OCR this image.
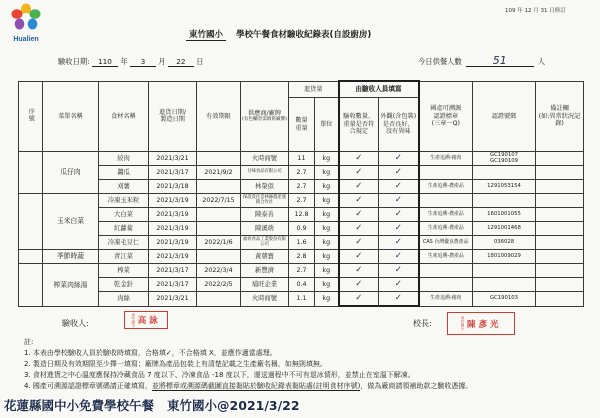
Hualien
109 年 12 月 31 日修訂
東竹國小 學校午餐食材驗收紀錄表(自設廚房)
驗收日期: 110 年 3 月 22 日	今日供餐人數	51	人
序號	菜單名稱	食材名稱	進貨日期/
製造日期	有效期限	供應商/廠牌
(有色欄者需填寫廠牌)	進貨量		由驗收人員填寫		國產可溯源
認證標章
(三章一Q)	認證號碼	備註欄
(如:異常狀況記錄)

						數量
重量	單位	驗收數量、重量是否符合規定	外觀(含包裝)是否良好、沒有異味			
	瓜仔肉	絞肉	2021/3/21		火時商號	11	kg	✓	✓	生產追溯-豬肉	GC190107
GC190109	

		醬瓜	2021/3/17	2021/9/2	甘味食品有限公司	2.7	kg	✓	✓			
		刈薯	2021/3/18		林榮似	2.7	kg	✓	✓	生產追溯-農產品	1291053154	

	玉米白菜	冷凍玉米粒	2021/3/19	2022/7/15	保證責任雲林縣農產運銷合作社	2.7	kg	✓	✓			
		大白菜	2021/3/19		陳泰善	12.8	kg	✓	✓	生產追溯-農產品	1601001055	

		紅蘿蔔	2021/3/19		陳溪萌	0.9	kg	✓	✓	生產追溯-農產品	1291001468	

		冷凍毛豆仁	2021/3/19	2022/1/6	福祥食品工業股份有限公司	1.6	kg	✓	✓	CAS 台灣優良農產品	036028	

	季節時蔬	青江菜	2021/3/19		黃朝寶	2.8	kg	✓	✓	生產追溯-農產品	1801009029	

	榨菜肉絲湯	榨菜	2021/3/17	2022/3/4	新豐濟	2.7	kg	✓	✓			
		乾金針	2021/3/17	2022/2/5	埔旺企業	0.4	kg	✓	✓			
		肉絲	2021/3/21		火時商號	1.1	kg	✓	✓	生產追溯-豬肉	GC190103	

驗收人:	東竹國小 高詠	校長:	東竹國小 陳彥光
註:
1. 本表由學校驗收人員於驗收時填寫，合格填✓，不合格填 X，並應作適當處理。
2. 製造日期及有效期限至少擇一填寫；廠牌為產品包裝上有清楚記載之生產廠名稱，如無則填無。
3. 食材進貨之中心溫度應保持冷藏食品 7 度以下、冷凍食品 -18 度以下，運送過程中不可有退冰情形，並禁止在室溫下解凍。
4. 國產可溯源認證標章號碼請正確填寫，並將標章或溯源碼截圖直接黏貼於驗收紀錄表黏貼處(註明食材序號)，做為廠商請領補助款之驗收憑據。
花蓮縣國中小免費學校午餐   東竹國小@2021/3/22
